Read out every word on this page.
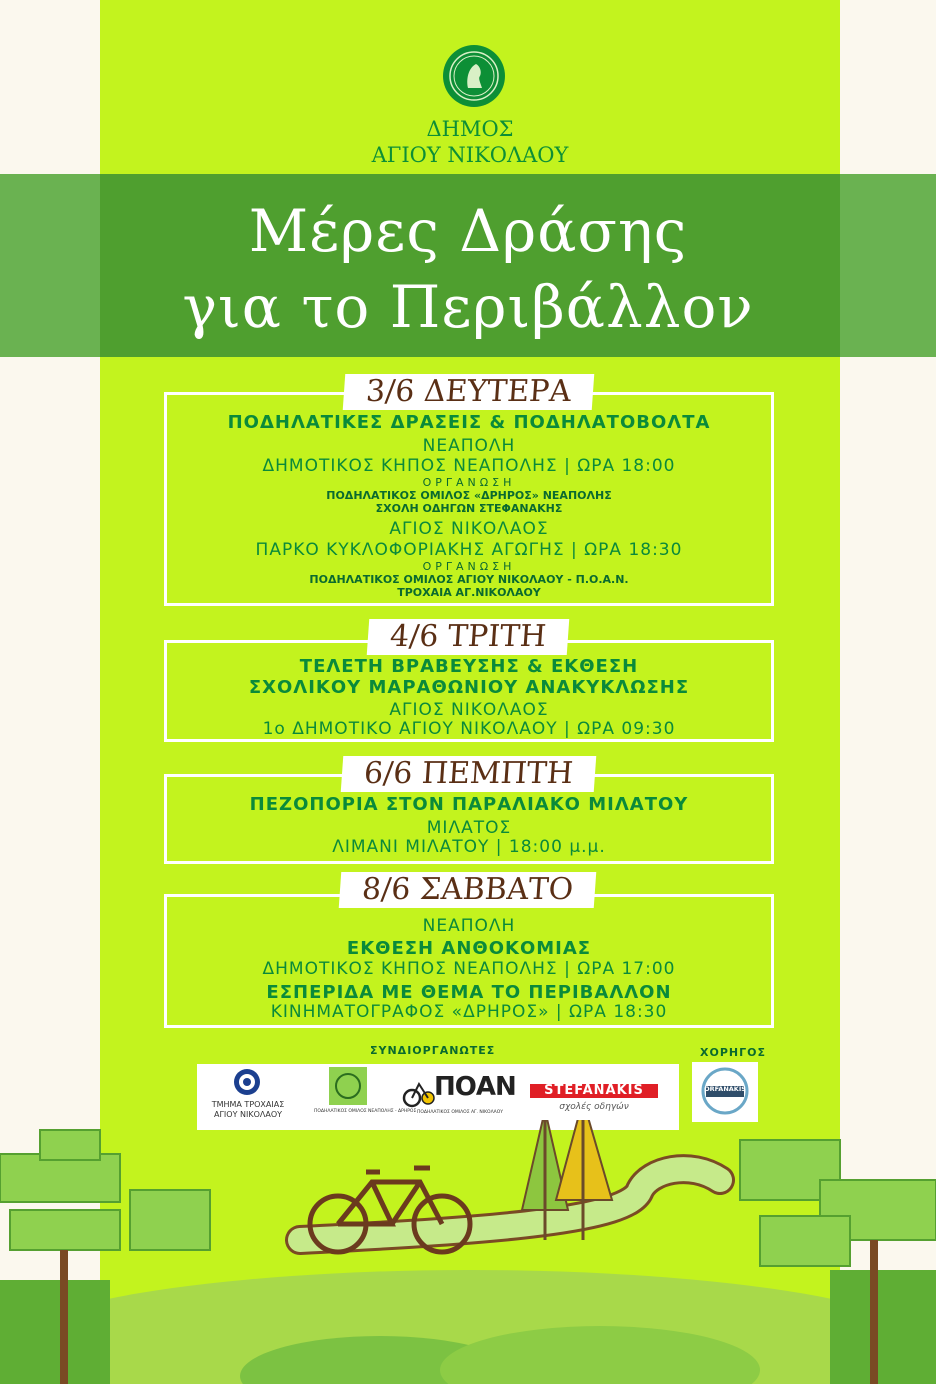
ΔΗΜΟΣ
ΑΓΙΟΥ ΝΙΚΟΛΑΟΥ
Μέρες Δράσης
για το Περιβάλλον
3/6 ΔΕΥΤΕΡΑ
ΠΟΔΗΛΑΤΙΚΕΣ ΔΡΑΣΕΙΣ & ΠΟΔΗΛΑΤΟΒΟΛΤΑ
ΝΕΑΠΟΛΗ
ΔΗΜΟΤΙΚΟΣ ΚΗΠΟΣ ΝΕΑΠΟΛΗΣ | ΩΡΑ 18:00
ΟΡΓΑΝΩΣΗ
ΠΟΔΗΛΑΤΙΚΟΣ ΟΜΙΛΟΣ «ΔΡΗΡΟΣ» ΝΕΑΠΟΛΗΣ
ΣΧΟΛΗ ΟΔΗΓΩΝ ΣΤΕΦΑΝΑΚΗΣ
ΑΓΙΟΣ ΝΙΚΟΛΑΟΣ
ΠΑΡΚΟ ΚΥΚΛΟΦΟΡΙΑΚΗΣ ΑΓΩΓΗΣ | ΩΡΑ 18:30
ΟΡΓΑΝΩΣΗ
ΠΟΔΗΛΑΤΙΚΟΣ ΟΜΙΛΟΣ ΑΓΙΟΥ ΝΙΚΟΛΑΟΥ - Π.Ο.Α.Ν.
ΤΡΟΧΑΙΑ ΑΓ.ΝΙΚΟΛΑΟΥ
4/6 ΤΡΙΤΗ
ΤΕΛΕΤΗ ΒΡΑΒΕΥΣΗΣ & ΕΚΘΕΣΗ
ΣΧΟΛΙΚΟΥ ΜΑΡΑΘΩΝΙΟΥ ΑΝΑΚΥΚΛΩΣΗΣ
ΑΓΙΟΣ ΝΙΚΟΛΑΟΣ
1ο ΔΗΜΟΤΙΚΟ ΑΓΙΟΥ ΝΙΚΟΛΑΟΥ | ΩΡΑ 09:30
6/6 ΠΕΜΠΤΗ
ΠΕΖΟΠΟΡΙΑ ΣΤΟΝ ΠΑΡΑΛΙΑΚΟ ΜΙΛΑΤΟΥ
ΜΙΛΑΤΟΣ
ΛΙΜΑΝΙ ΜΙΛΑΤΟΥ | 18:00 μ.μ.
8/6 ΣΑΒΒΑΤΟ
ΝΕΑΠΟΛΗ
ΕΚΘΕΣΗ ΑΝΘΟΚΟΜΙΑΣ
ΔΗΜΟΤΙΚΟΣ ΚΗΠΟΣ ΝΕΑΠΟΛΗΣ | ΩΡΑ 17:00
ΕΣΠΕΡΙΔΑ ΜΕ ΘΕΜΑ ΤΟ ΠΕΡΙΒΑΛΛΟΝ
ΚΙΝΗΜΑΤΟΓΡΑΦΟΣ «ΔΡΗΡΟΣ» | ΩΡΑ 18:30
ΣΥΝΔΙΟΡΓΑΝΩΤΕΣ	ΧΟΡΗΓΟΣ
ΤΜΗΜΑ ΤΡΟΧΑΙΑΣ
ΑΓΙΟΥ ΝΙΚΟΛΑΟΥ	ΠΟΔΗΛΑΤΙΚΟΣ ΟΜΙΛΟΣ ΝΕΑΠΟΛΗΣ - ΔΡΗΡΟΣ
ΠΟΑΝ
ΠΟΔΗΛΑΤΙΚΟΣ ΟΜΙΛΟΣ ΑΓ. ΝΙΚΟΛΑΟΥ
STEFANAKIS
σχολές οδηγών
ORFANAKIS
